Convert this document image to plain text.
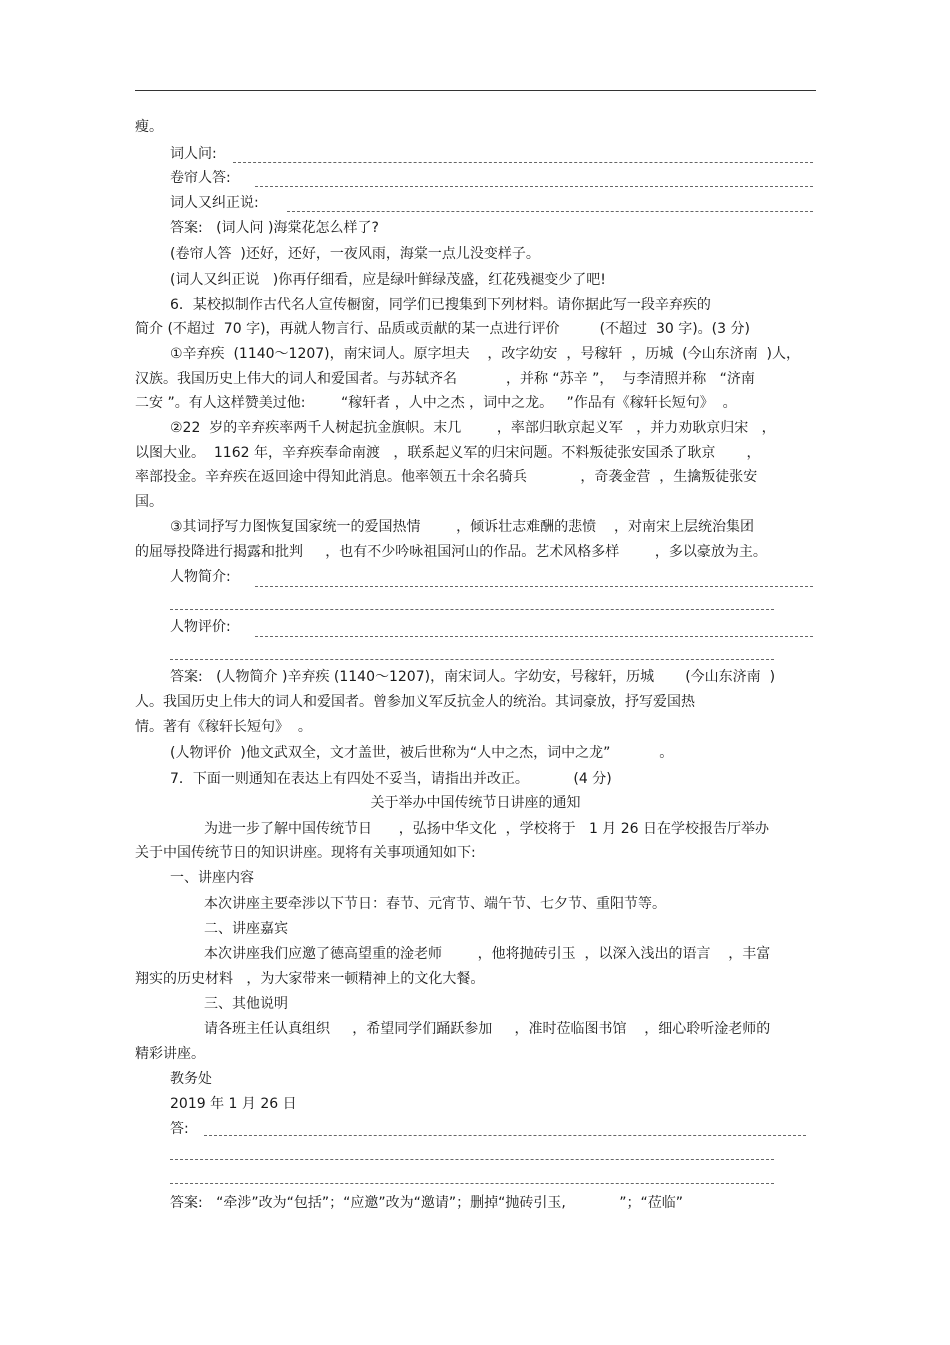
瘦。
词人问:
卷帘人答:
词人又纠正说:
答案:   (词人问 )海棠花怎么样了?
(卷帘人答  )还好，还好，一夜风雨，海棠一点儿没变样子。
(词人又纠正说   )你再仔细看，应是绿叶鲜绿茂盛，红花残褪变少了吧!
6．某校拟制作古代名人宣传橱窗，同学们已搜集到下列材料。请你据此写一段辛弃疾的
简介 (不超过  70 字)，再就人物言行、品质或贡献的某一点进行评价         (不超过  30 字)。(3 分)
①辛弃疾  (1140～1207)，南宋词人。原字坦夫    ，改字幼安  ，号稼轩  ，历城  (今山东济南  )人，
汉族。我国历史上伟大的词人和爱国者。与苏轼齐名           ，并称 “苏辛 ”，  与李清照并称   “济南
二安 ”。有人这样赞美过他:        “稼轩者 ，人中之杰 ，词中之龙。   ”作品有《稼轩长短句》  。
②22  岁的辛弃疾率两千人树起抗金旗帜。末几        ，率部归耿京起义军   ，并力劝耿京归宋   ，
以图大业。  1162 年，辛弃疾奉命南渡   ，联系起义军的归宋问题。不料叛徒张安国杀了耿京       ，
率部投金。辛弃疾在返回途中得知此消息。他率领五十余名骑兵            ，奇袭金营  ，生擒叛徒张安
国。
③其词抒写力图恢复国家统一的爱国热情        ，倾诉壮志难酬的悲愤    ，对南宋上层统治集团
的屈辱投降进行揭露和批判     ，也有不少吟咏祖国河山的作品。艺术风格多样        ，多以豪放为主。
人物简介:
人物评价:
答案:   (人物简介 )辛弃疾 (1140～1207)，南宋词人。字幼安，号稼轩，历城       (今山东济南  )
人。我国历史上伟大的词人和爱国者。曾参加义军反抗金人的统治。其词豪放，抒写爱国热
情。著有《稼轩长短句》  。
(人物评价  )他文武双全，文才盖世，被后世称为“人中之杰，词中之龙”           。
7．下面一则通知在表达上有四处不妥当，请指出并改正。          (4 分)
关于举办中国传统节日讲座的通知
为进一步了解中国传统节日      ，弘扬中华文化  ，学校将于   1 月 26 日在学校报告厅举办
关于中国传统节日的知识讲座。现将有关事项通知如下:
一、讲座内容
本次讲座主要牵涉以下节日：春节、元宵节、端午节、七夕节、重阳节等。
二、讲座嘉宾
本次讲座我们应邀了德高望重的淦老师        ，他将抛砖引玉  ，以深入浅出的语言    ，丰富
翔实的历史材料   ，为大家带来一顿精神上的文化大餐。
三、其他说明
请各班主任认真组织     ，希望同学们踊跃参加     ，准时莅临图书馆    ，细心聆听淦老师的
精彩讲座。
教务处
2019 年 1 月 26 日
答:
答案:   “牵涉”改为“包括”；“应邀”改为“邀请”；删掉“抛砖引玉,            ”；“莅临”
